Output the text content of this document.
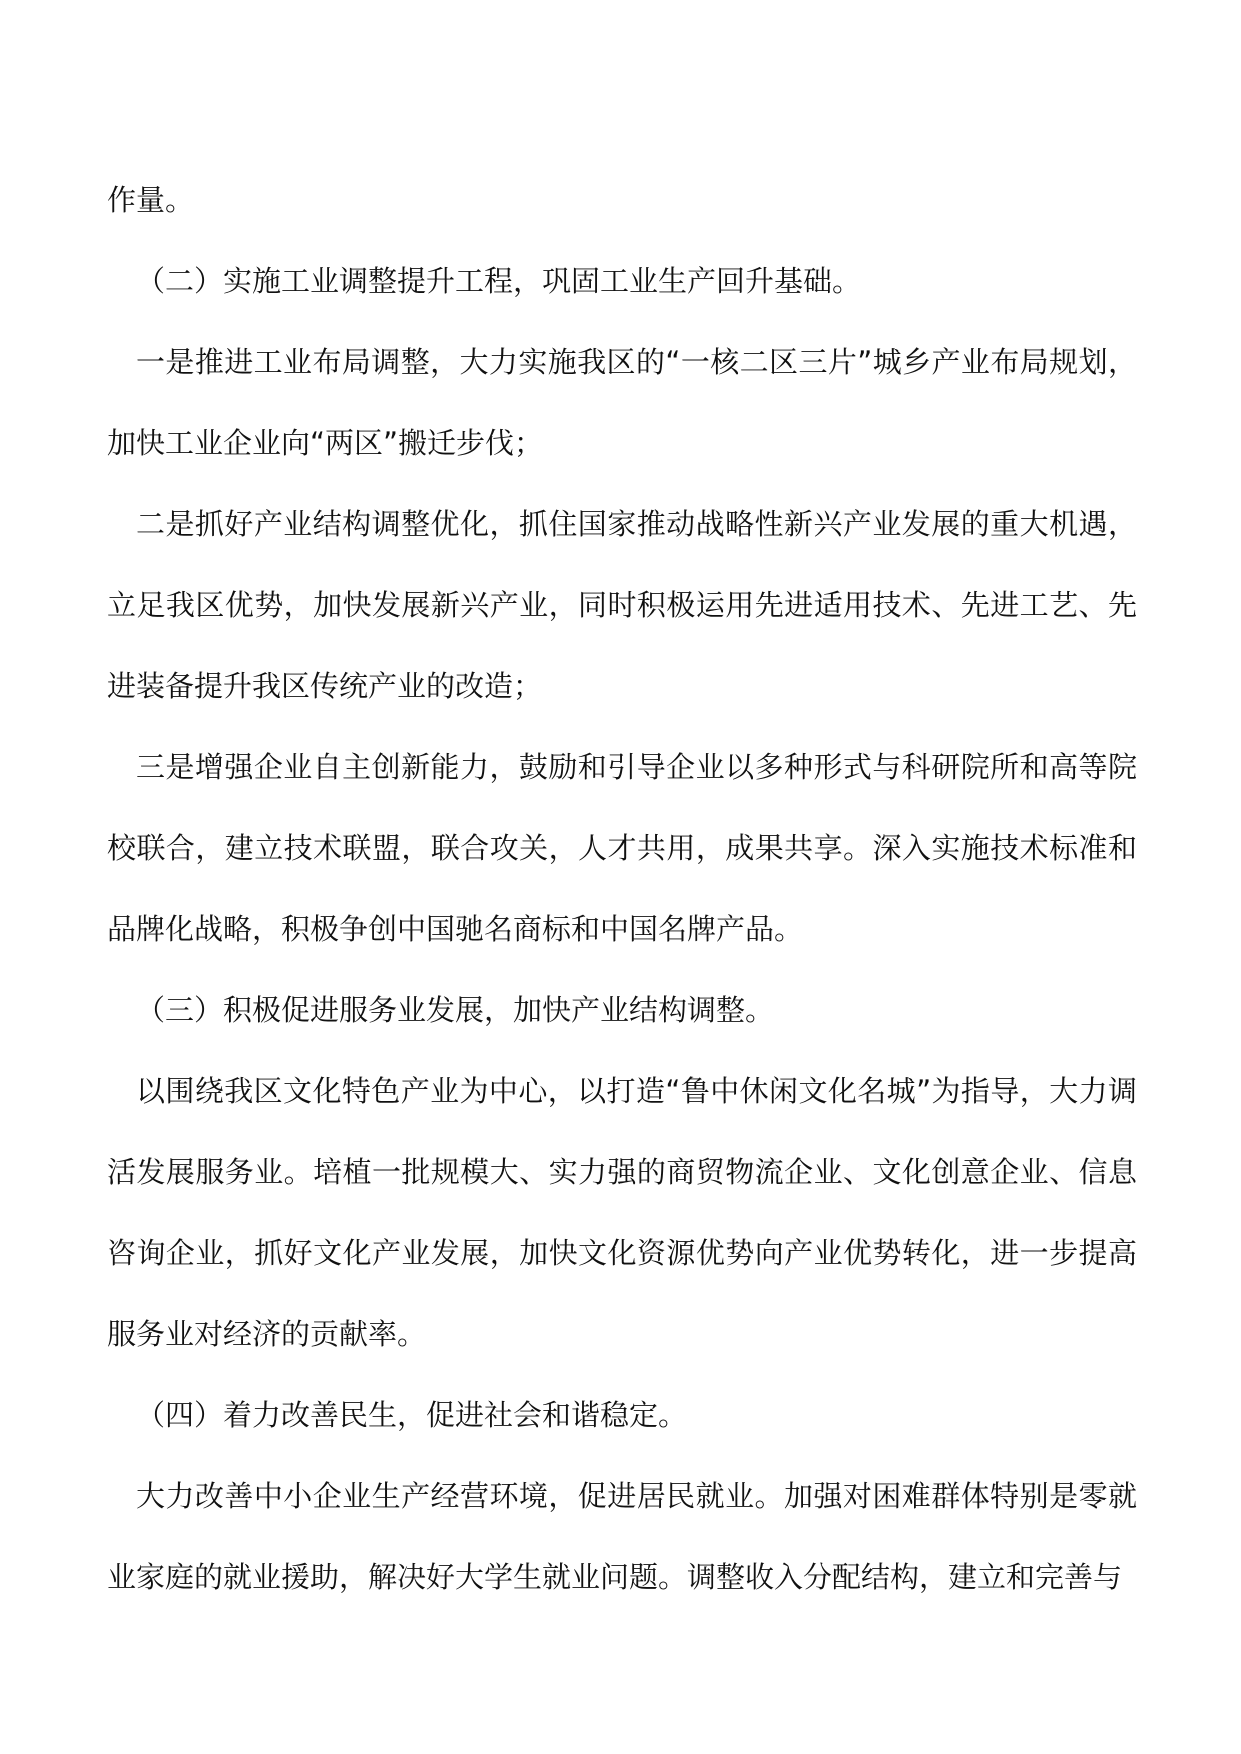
作量。

（二）实施工业调整提升工程，巩固工业生产回升基础。

一是推进工业布局调整，大力实施我区的“一核二区三片”城乡产业布局规划，加快工业企业向“两区”搬迁步伐；

二是抓好产业结构调整优化，抓住国家推动战略性新兴产业发展的重大机遇，立足我区优势，加快发展新兴产业，同时积极运用先进适用技术、先进工艺、先进装备提升我区传统产业的改造；

三是增强企业自主创新能力，鼓励和引导企业以多种形式与科研院所和高等院校联合，建立技术联盟，联合攻关，人才共用，成果共享。深入实施技术标准和品牌化战略，积极争创中国驰名商标和中国名牌产品。

（三）积极促进服务业发展，加快产业结构调整。

以围绕我区文化特色产业为中心，以打造“鲁中休闲文化名城”为指导，大力调活发展服务业。培植一批规模大、实力强的商贸物流企业、文化创意企业、信息咨询企业，抓好文化产业发展，加快文化资源优势向产业优势转化，进一步提高服务业对经济的贡献率。

（四）着力改善民生，促进社会和谐稳定。

大力改善中小企业生产经营环境，促进居民就业。加强对困难群体特别是零就业家庭的就业援助，解决好大学生就业问题。调整收入分配结构，建立和完善与
